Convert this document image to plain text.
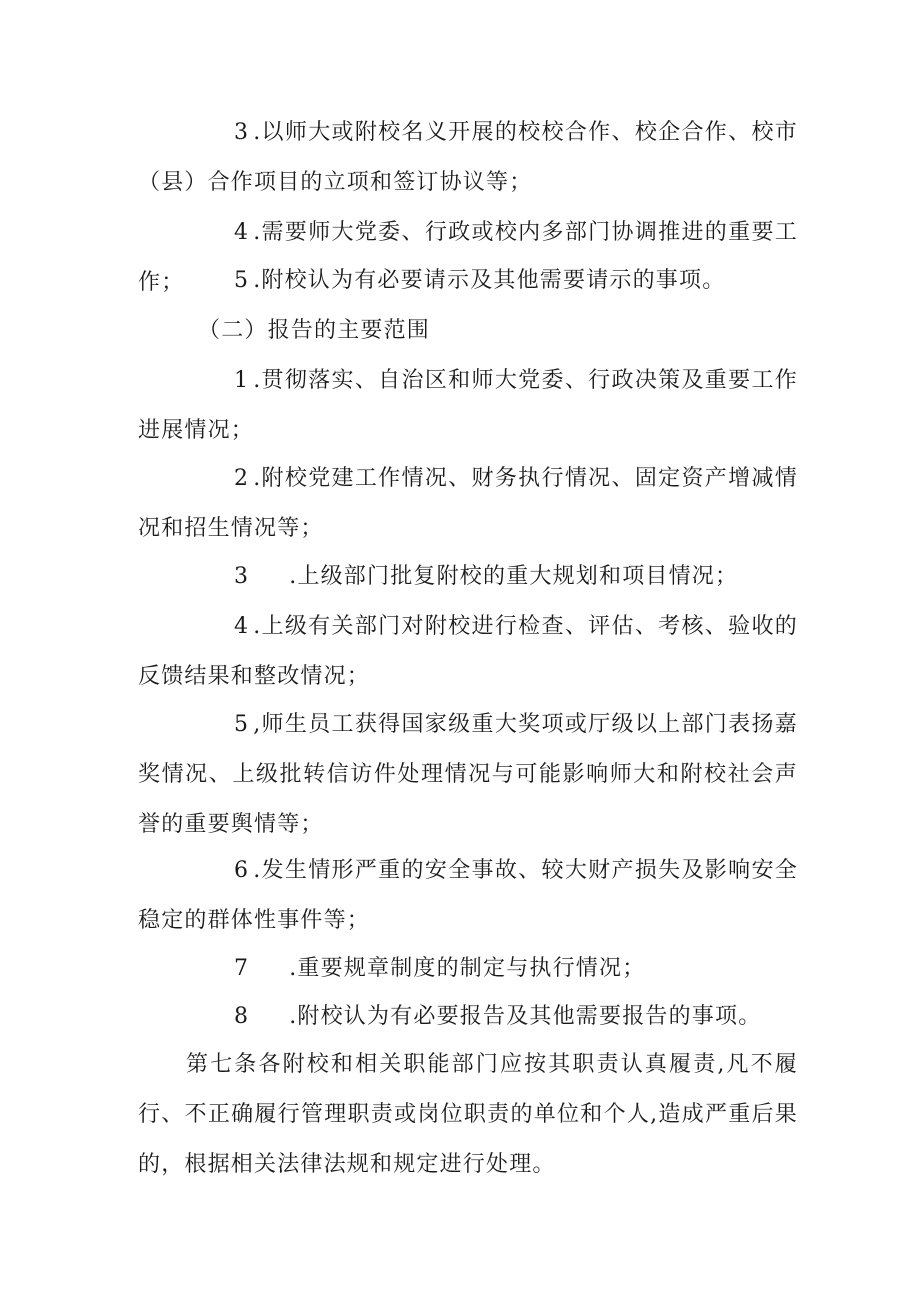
3 .以师大或附校名义开展的校校合作、校企合作、校市（县）合作项目的立项和签订协议等；

4 .需要师大党委、行政或校内多部门协调推进的重要工作；	5 .附校认为有必要请示及其他需要请示的事项。

（二）报告的主要范围

1 .贯彻落实、自治区和师大党委、行政决策及重要工作进展情况；

2 .附校党建工作情况、财务执行情况、固定资产增减情况和招生情况等；

3 .上级部门批复附校的重大规划和项目情况；

4 .上级有关部门对附校进行检查、评估、考核、验收的反馈结果和整改情况；

5 ,师生员工获得国家级重大奖项或厅级以上部门表扬嘉奖情况、上级批转信访件处理情况与可能影响师大和附校社会声誉的重要舆情等；

6 .发生情形严重的安全事故、较大财产损失及影响安全稳定的群体性事件等；

7 .重要规章制度的制定与执行情况；

8 .附校认为有必要报告及其他需要报告的事项。

第七条各附校和相关职能部门应按其职责认真履责,凡不履行、不正确履行管理职责或岗位职责的单位和个人,造成严重后果的，根据相关法律法规和规定进行处理。
